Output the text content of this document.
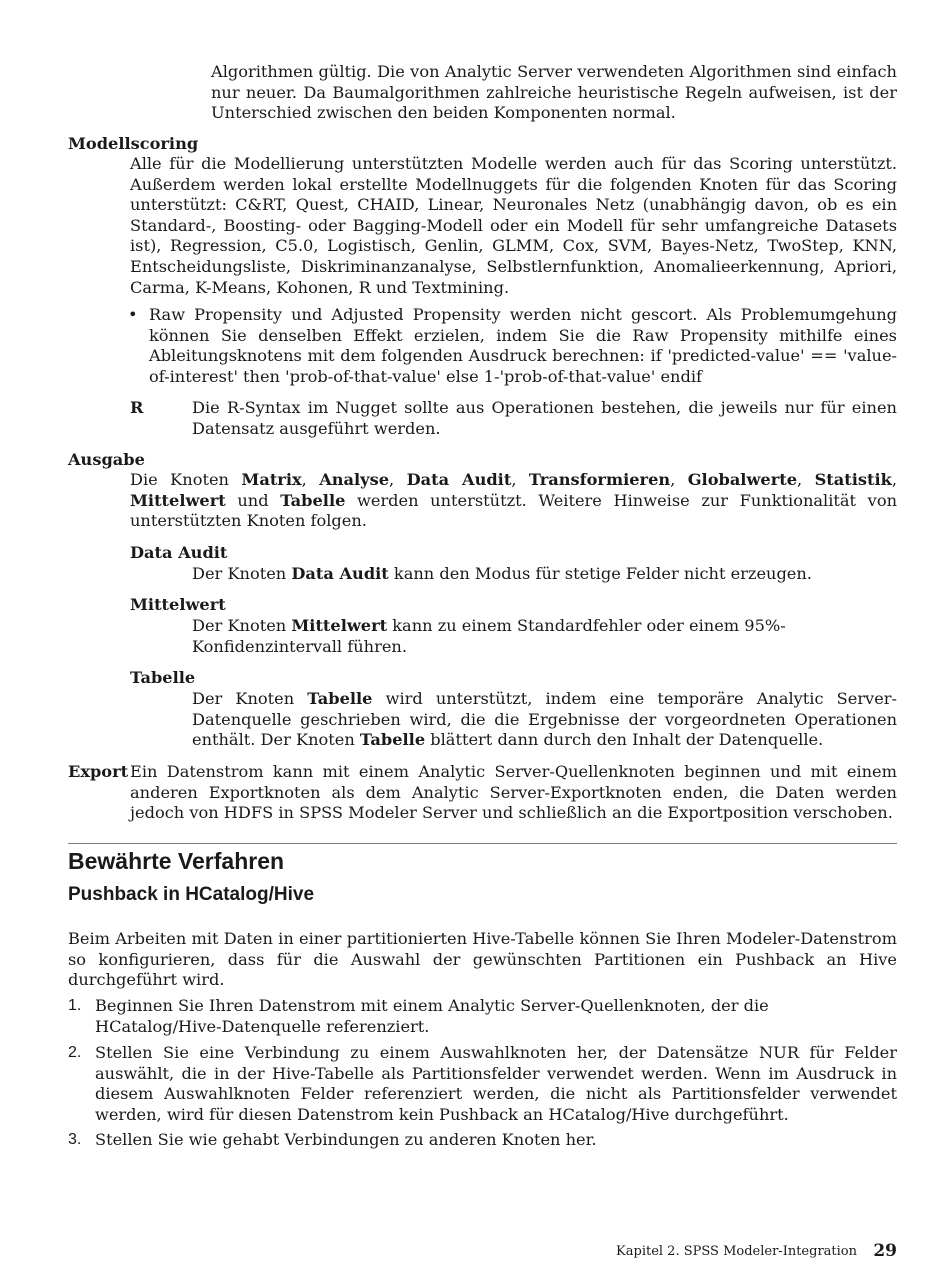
Algorithmen gültig. Die von Analytic Server verwendeten Algorithmen sind einfach nur neuer. Da Baumalgorithmen zahlreiche heuristische Regeln aufweisen, ist der Unterschied zwischen den beiden Komponenten normal.

Modellscoring

Alle für die Modellierung unterstützten Modelle werden auch für das Scoring unterstützt. Außerdem werden lokal erstellte Modellnuggets für die folgenden Knoten für das Scoring unterstützt: C&RT, Quest, CHAID, Linear, Neuronales Netz (unabhängig davon, ob es ein Standard-, Boosting- oder Bagging-Modell oder ein Modell für sehr umfangreiche Datasets ist), Regression, C5.0, Logistisch, Genlin, GLMM, Cox, SVM, Bayes-Netz, TwoStep, KNN, Entscheidungsliste, Diskriminanzanalyse, Selbstlernfunktion, Anomalieerkennung, Apriori, Carma, K-Means, Kohonen, R und Textmining.

• Raw Propensity und Adjusted Propensity werden nicht gescort. Als Problemumgehung können Sie denselben Effekt erzielen, indem Sie die Raw Propensity mithilfe eines Ableitungsknotens mit dem folgenden Ausdruck berechnen: if 'predicted-value' == 'value-of-interest' then 'prob-of-that-value' else 1-'prob-of-that-value' endif

R	Die R-Syntax im Nugget sollte aus Operationen bestehen, die jeweils nur für einen Datensatz ausgeführt werden.

Ausgabe

Die Knoten Matrix, Analyse, Data Audit, Transformieren, Globalwerte, Statistik, Mittelwert und Tabelle werden unterstützt. Weitere Hinweise zur Funktionalität von unterstützten Knoten folgen.

Data Audit

Der Knoten Data Audit kann den Modus für stetige Felder nicht erzeugen.

Mittelwert

Der Knoten Mittelwert kann zu einem Standardfehler oder einem 95%-Konfidenzintervall führen.

Tabelle

Der Knoten Tabelle wird unterstützt, indem eine temporäre Analytic Server-Datenquelle geschrieben wird, die die Ergebnisse der vorgeordneten Operationen enthält. Der Knoten Tabelle blättert dann durch den Inhalt der Datenquelle.

Export Ein Datenstrom kann mit einem Analytic Server-Quellenknoten beginnen und mit einem anderen Exportknoten als dem Analytic Server-Exportknoten enden, die Daten werden jedoch von HDFS in SPSS Modeler Server und schließlich an die Exportposition verschoben.

Bewährte Verfahren
Pushback in HCatalog/Hive

Beim Arbeiten mit Daten in einer partitionierten Hive-Tabelle können Sie Ihren Modeler-Datenstrom so konfigurieren, dass für die Auswahl der gewünschten Partitionen ein Pushback an Hive durchgeführt wird.

1. Beginnen Sie Ihren Datenstrom mit einem Analytic Server-Quellenknoten, der die HCatalog/Hive-Datenquelle referenziert.

2. Stellen Sie eine Verbindung zu einem Auswahlknoten her, der Datensätze NUR für Felder auswählt, die in der Hive-Tabelle als Partitionsfelder verwendet werden. Wenn im Ausdruck in diesem Auswahlknoten Felder referenziert werden, die nicht als Partitionsfelder verwendet werden, wird für diesen Datenstrom kein Pushback an HCatalog/Hive durchgeführt.

3. Stellen Sie wie gehabt Verbindungen zu anderen Knoten her.

Kapitel 2. SPSS Modeler-Integration 29
